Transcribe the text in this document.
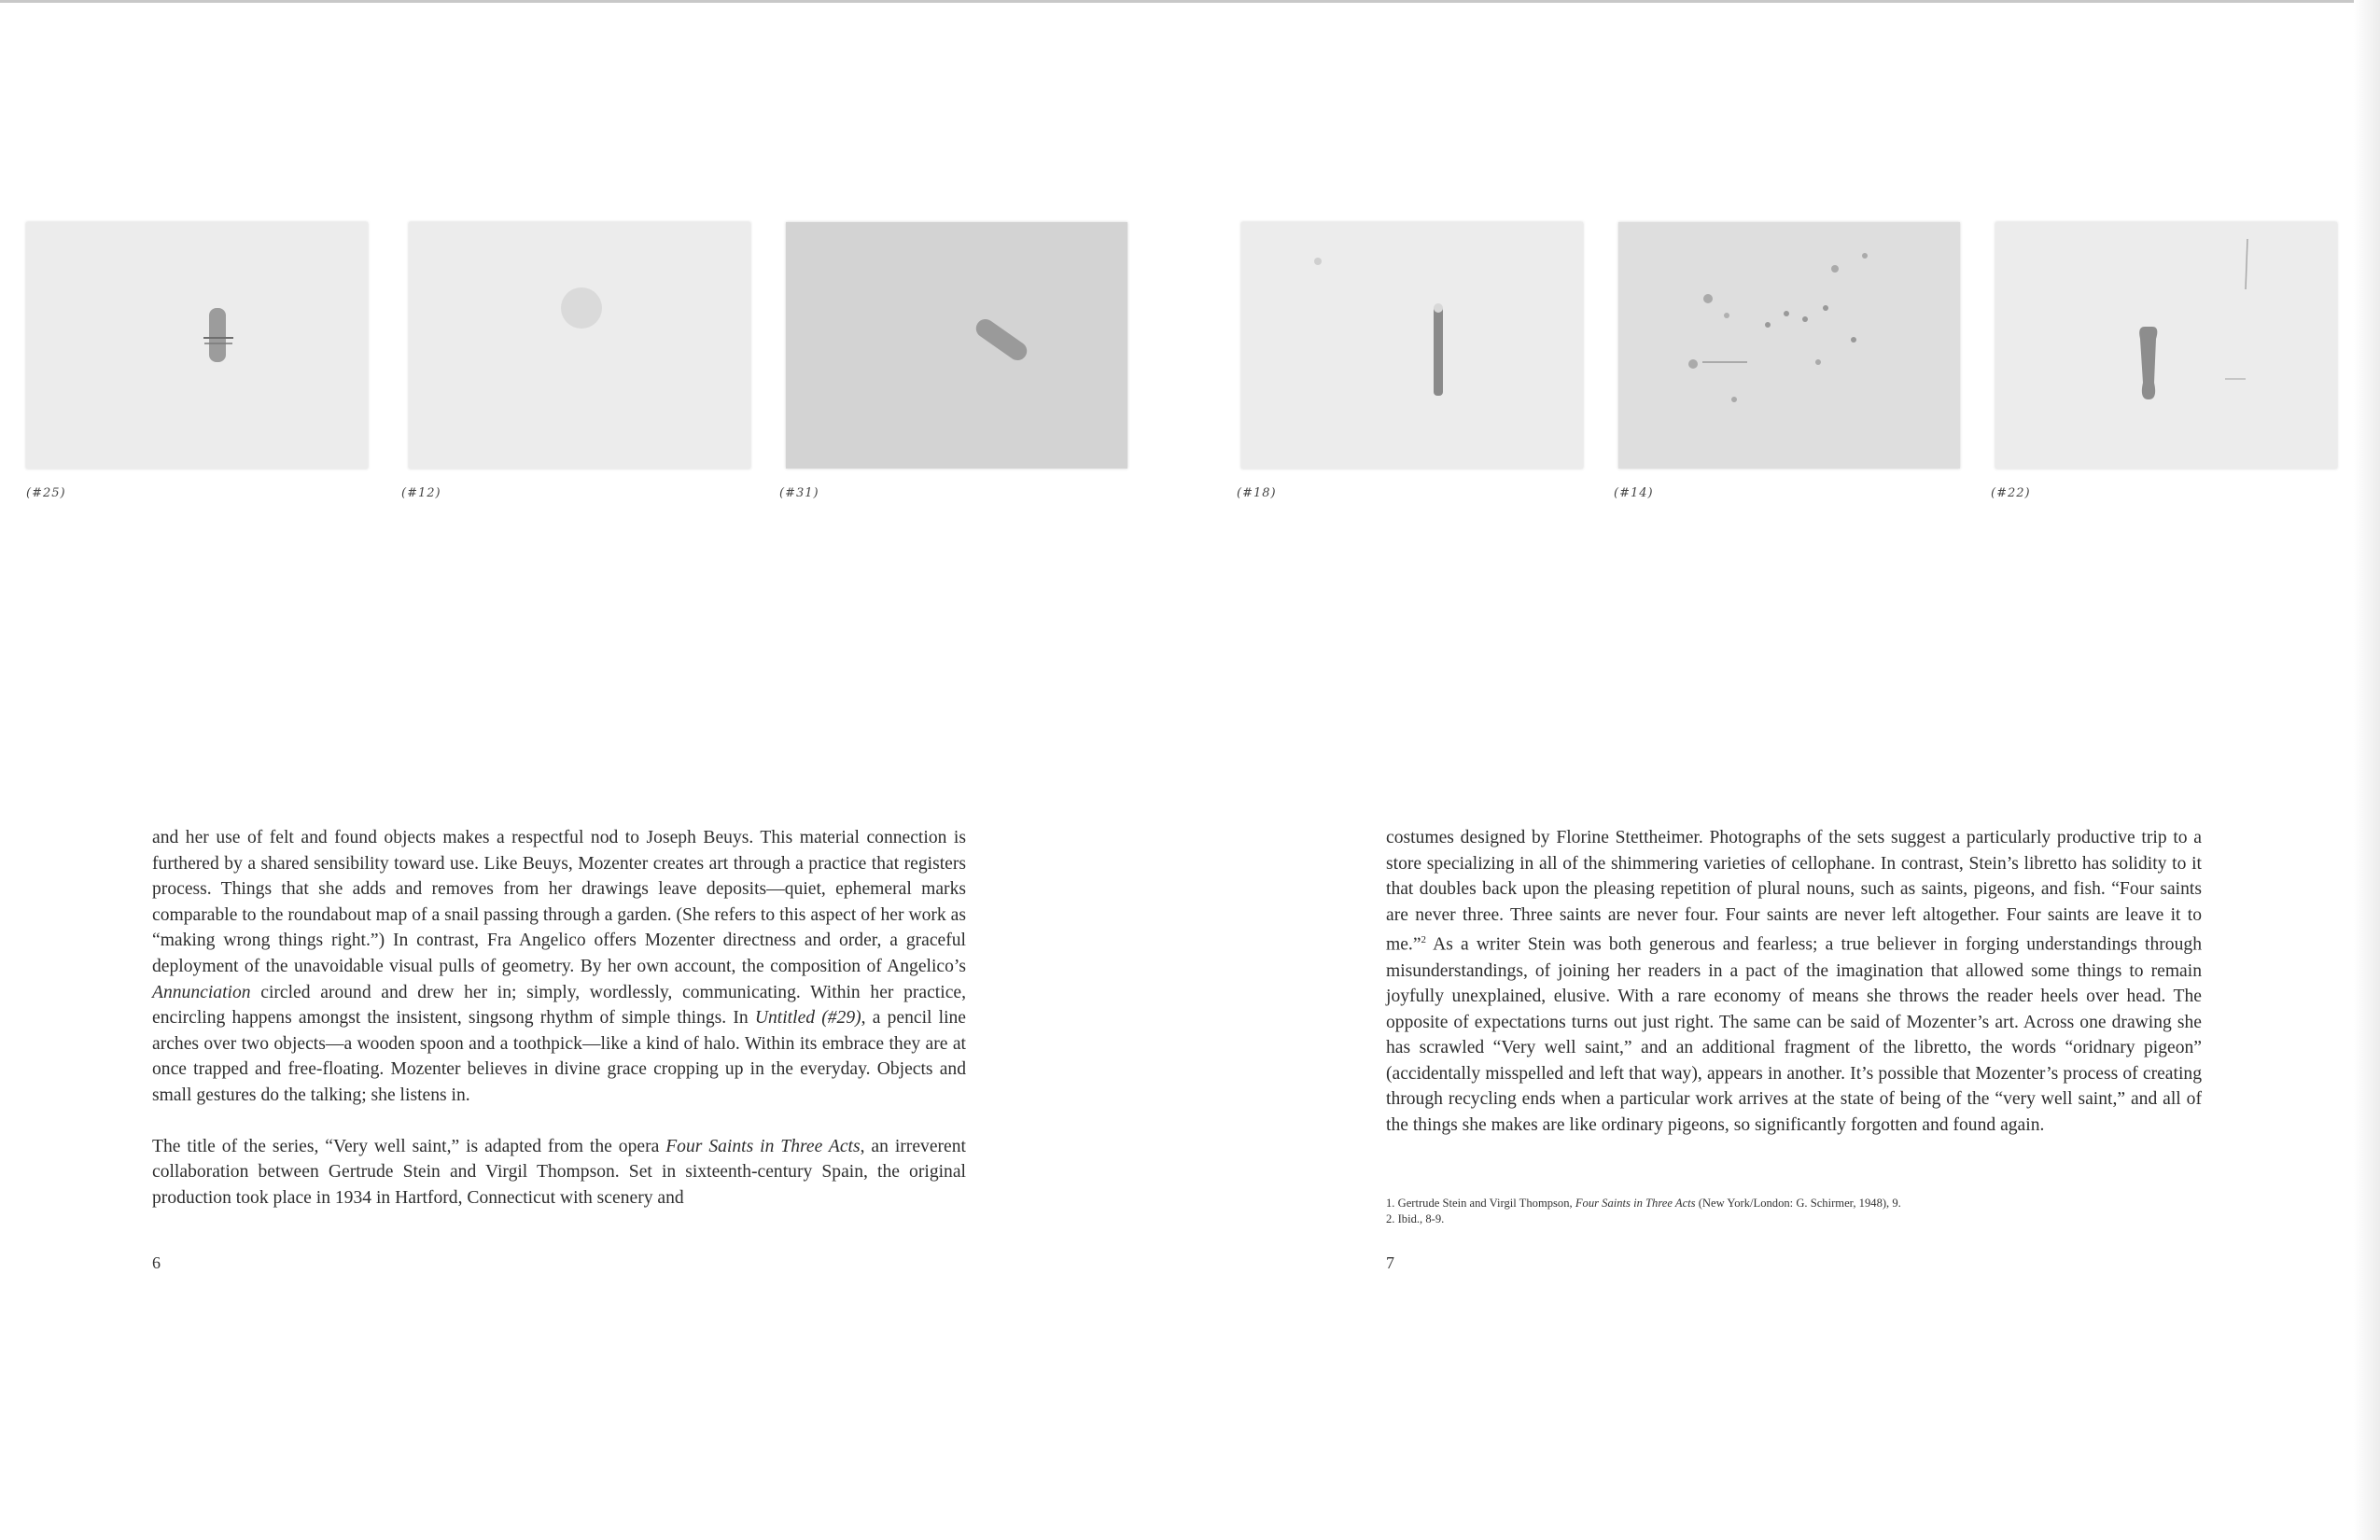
(#25)	(#12)	(#31)	(#18)	(#14)	(#22)

and her use of felt and found objects makes a respectful nod to Joseph Beuys. This material connection is furthered by a shared sensibility toward use. Like Beuys, Mozenter creates art through a practice that registers process. Things that she adds and removes from her drawings leave deposits—quiet, ephemeral marks comparable to the roundabout map of a snail passing through a garden. (She refers to this aspect of her work as “making wrong things right.”) In contrast, Fra Angelico offers Mozenter directness and order, a graceful deployment of the unavoidable visual pulls of geometry. By her own account, the composition of Angelico’s Annunciation circled around and drew her in; simply, wordlessly, communicating. Within her practice, encircling happens amongst the insistent, singsong rhythm of simple things. In Untitled (#29), a pencil line arches over two objects—a wooden spoon and a toothpick—like a kind of halo. Within its embrace they are at once trapped and free-floating. Mozenter believes in divine grace cropping up in the everyday. Objects and small gestures do the talking; she listens in.

The title of the series, “Very well saint,” is adapted from the opera Four Saints in Three Acts, an irreverent collaboration between Gertrude Stein and Virgil Thompson. Set in sixteenth-century Spain, the original production took place in 1934 in Hartford, Connecticut with scenery and

6

costumes designed by Florine Stettheimer. Photographs of the sets suggest a particularly productive trip to a store specializing in all of the shimmering varieties of cellophane. In contrast, Stein’s libretto has solidity to it that doubles back upon the pleasing repetition of plural nouns, such as saints, pigeons, and fish. “Four saints are never three. Three saints are never four. Four saints are never left altogether. Four saints are leave it to me.”$^2$ As a writer Stein was both generous and fearless; a true believer in forging understandings through misunderstandings, of joining her readers in a pact of the imagination that allowed some things to remain joyfully unexplained, elusive. With a rare economy of means she throws the reader heels over head. The opposite of expectations turns out just right. The same can be said of Mozenter’s art. Across one drawing she has scrawled “Very well saint,” and an additional fragment of the libretto, the words “oridnary pigeon” (accidentally misspelled and left that way), appears in another. It’s possible that Mozenter’s process of creating through recycling ends when a particular work arrives at the state of being of the “very well saint,” and all of the things she makes are like ordinary pigeons, so significantly forgotten and found again.

1. Gertrude Stein and Virgil Thompson, Four Saints in Three Acts (New York/London: G. Schirmer, 1948), 9.
2. Ibid., 8-9.
7
